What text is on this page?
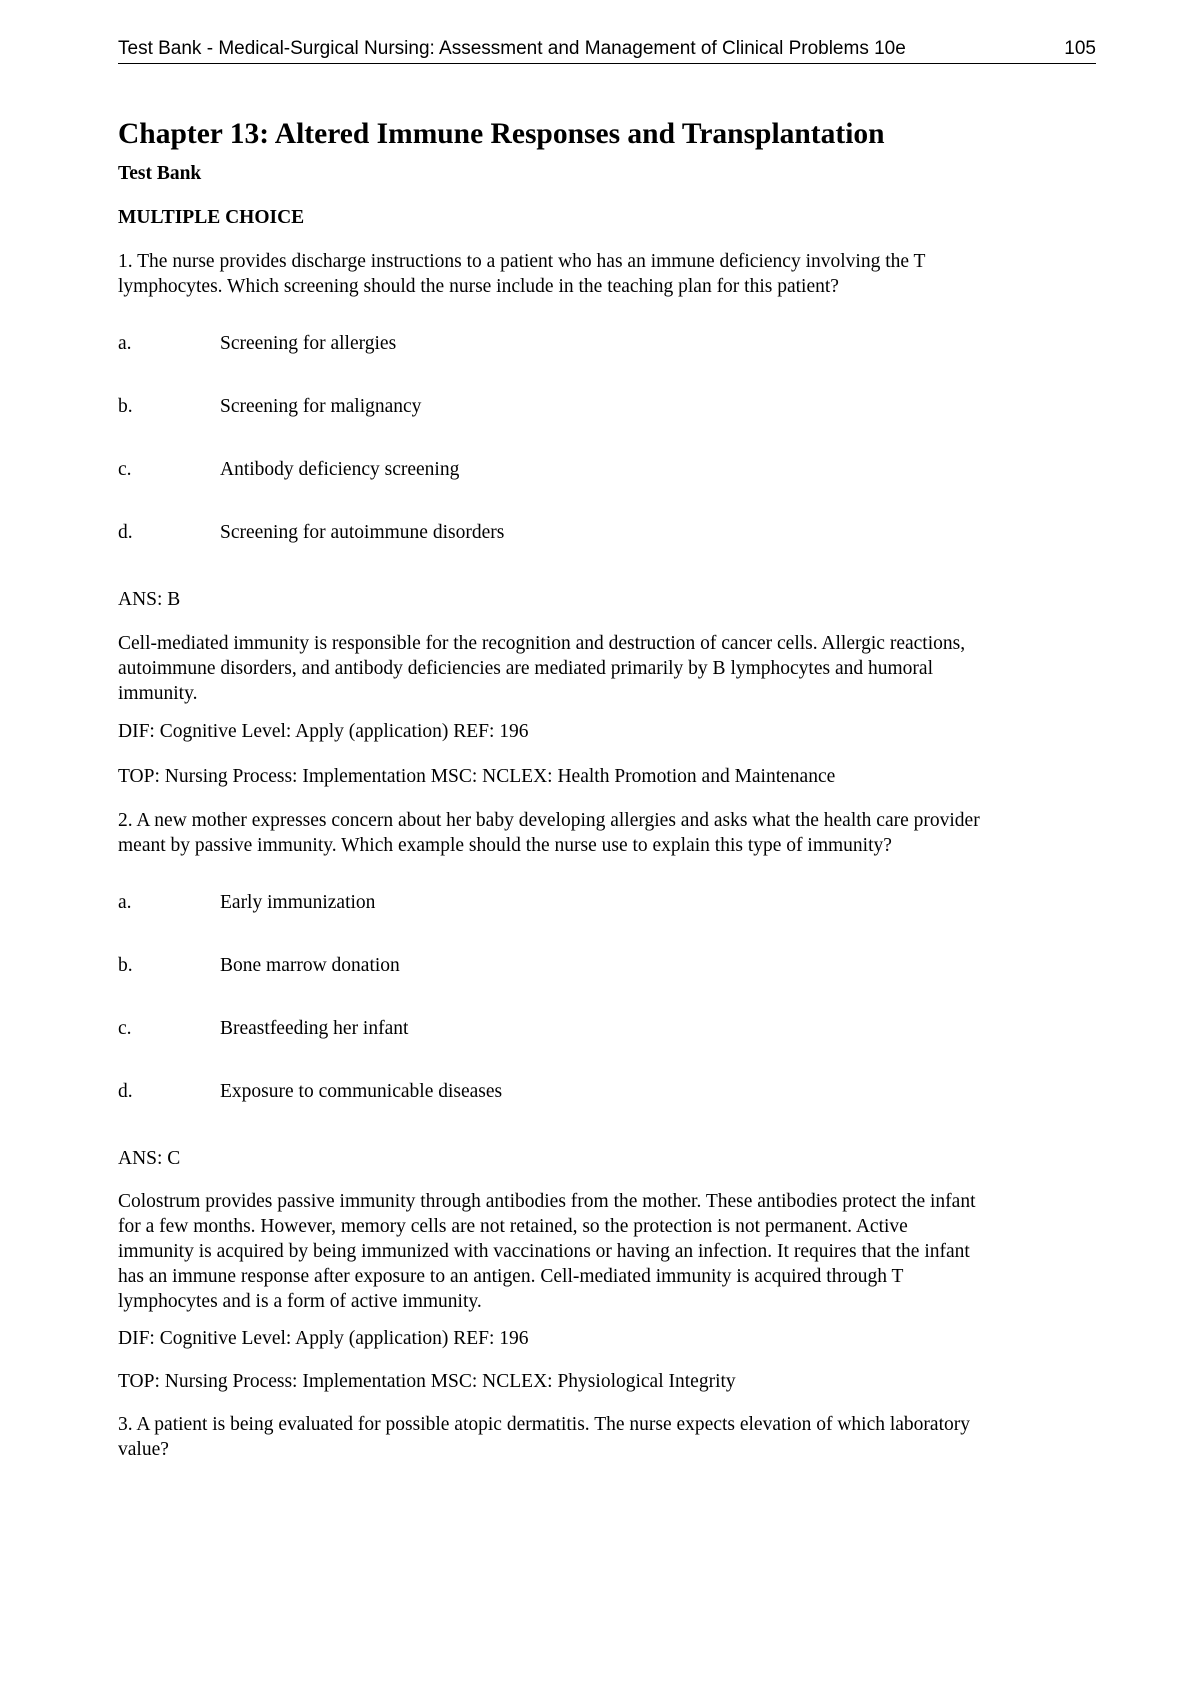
Test Bank - Medical-Surgical Nursing: Assessment and Management of Clinical Problems 10e	105
Chapter 13: Altered Immune Responses and Transplantation
Test Bank
MULTIPLE CHOICE
1. The nurse provides discharge instructions to a patient who has an immune deficiency involving the T
lymphocytes. Which screening should the nurse include in the teaching plan for this patient?
a.	Screening for allergies
b.	Screening for malignancy
c.	Antibody deficiency screening
d.	Screening for autoimmune disorders
ANS: B
Cell-mediated immunity is responsible for the recognition and destruction of cancer cells. Allergic reactions,
autoimmune disorders, and antibody deficiencies are mediated primarily by B lymphocytes and humoral
immunity.
DIF: Cognitive Level: Apply (application) REF: 196
TOP: Nursing Process: Implementation MSC: NCLEX: Health Promotion and Maintenance
2. A new mother expresses concern about her baby developing allergies and asks what the health care provider
meant by passive immunity. Which example should the nurse use to explain this type of immunity?
a.	Early immunization
b.	Bone marrow donation
c.	Breastfeeding her infant
d.	Exposure to communicable diseases
ANS: C
Colostrum provides passive immunity through antibodies from the mother. These antibodies protect the infant
for a few months. However, memory cells are not retained, so the protection is not permanent. Active
immunity is acquired by being immunized with vaccinations or having an infection. It requires that the infant
has an immune response after exposure to an antigen. Cell-mediated immunity is acquired through T
lymphocytes and is a form of active immunity.
DIF: Cognitive Level: Apply (application) REF: 196
TOP: Nursing Process: Implementation MSC: NCLEX: Physiological Integrity
3. A patient is being evaluated for possible atopic dermatitis. The nurse expects elevation of which laboratory
value?
